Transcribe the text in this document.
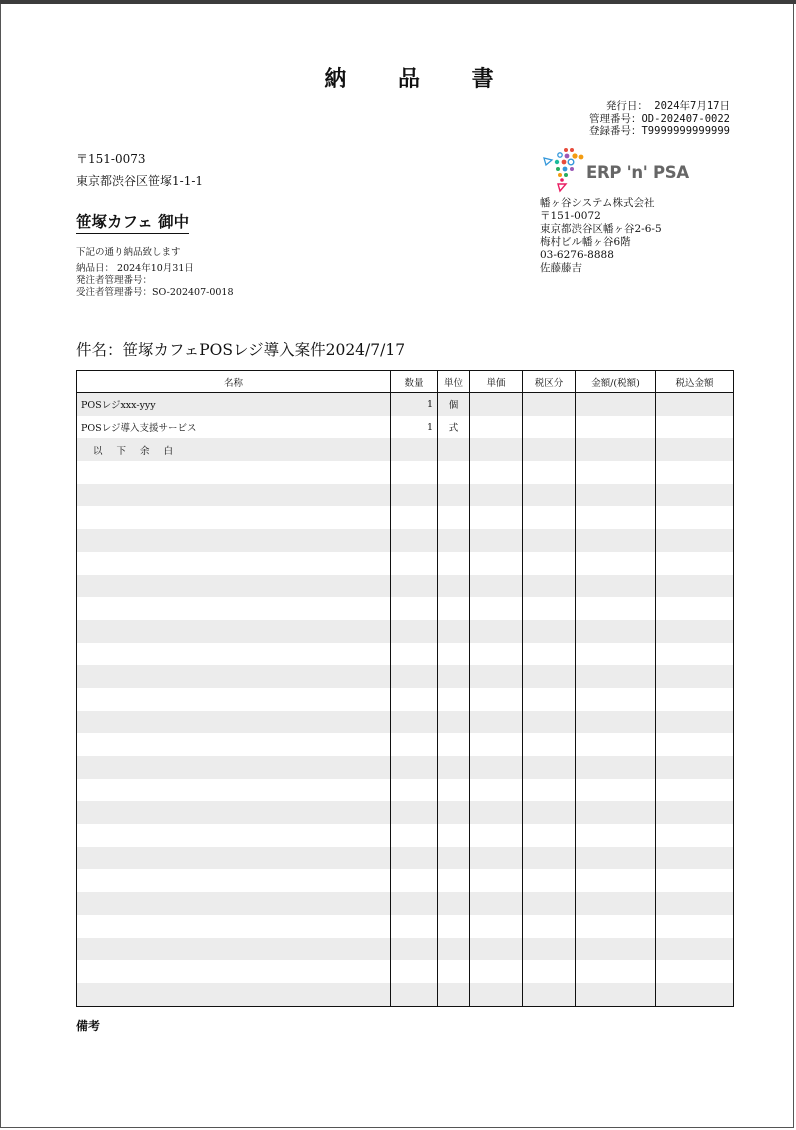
納 品 書
発行日： 2024年7月17日
管理番号：OD-202407-0022
登録番号：T9999999999999
〒151-0073
東京都渋谷区笹塚1-1-1
笹塚カフェ 御中
下記の通り納品致します
納品日： 2024年10月31日
発注者管理番号：
受注者管理番号：SO-202407-0018
ERP 'n' PSA
幡ヶ谷システム株式会社
〒151-0072
東京都渋谷区幡ヶ谷2-6-5
梅村ビル幡ヶ谷6階
03-6276-8888
佐藤藤吉
件名：笹塚カフェPOSレジ導入案件2024/7/17
名称	数量	単位	単価	税区分	金額/(税額)	税込金額
POSレジxxx-yyy	1	個				
POSレジ導入支援サービス	1	式				
以下余白						

備考
